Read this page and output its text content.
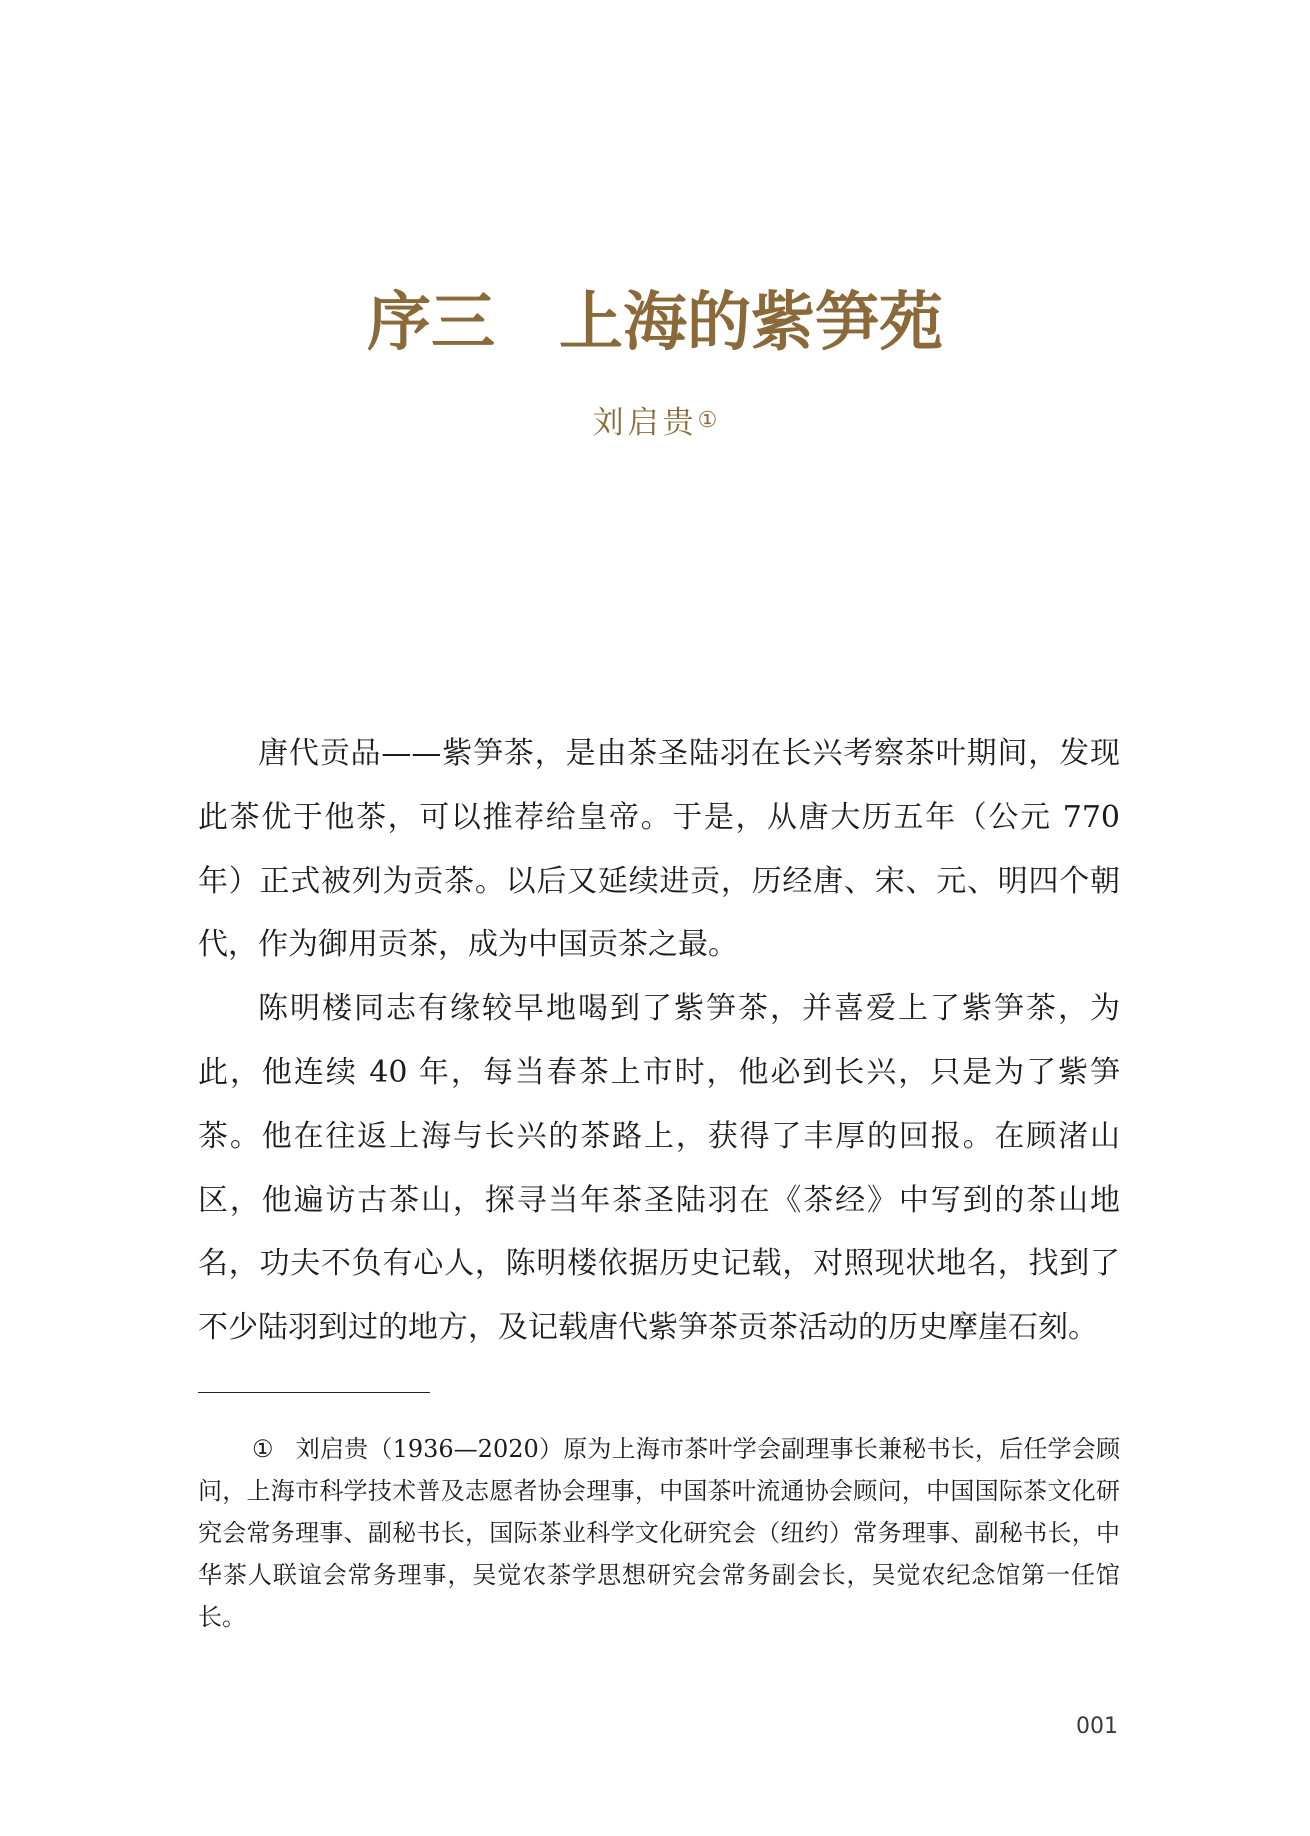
序三 上海的紫笋苑
刘启贵①

唐代贡品——紫笋茶，是由茶圣陆羽在长兴考察茶叶期间，发现此茶优于他茶，可以推荐给皇帝。于是，从唐大历五年（公元 770 年）正式被列为贡茶。以后又延续进贡，历经唐、宋、元、明四个朝代，作为御用贡茶，成为中国贡茶之最。

陈明楼同志有缘较早地喝到了紫笋茶，并喜爱上了紫笋茶，为此，他连续 40 年，每当春茶上市时，他必到长兴，只是为了紫笋茶。他在往返上海与长兴的茶路上，获得了丰厚的回报。在顾渚山区，他遍访古茶山，探寻当年茶圣陆羽在《茶经》中写到的茶山地名，功夫不负有心人，陈明楼依据历史记载，对照现状地名，找到了不少陆羽到过的地方，及记载唐代紫笋茶贡茶活动的历史摩崖石刻。

① 刘启贵（1936—2020）原为上海市茶叶学会副理事长兼秘书长，后任学会顾问，上海市科学技术普及志愿者协会理事，中国茶叶流通协会顾问，中国国际茶文化研究会常务理事、副秘书长，国际茶业科学文化研究会（纽约）常务理事、副秘书长，中华茶人联谊会常务理事，吴觉农茶学思想研究会常务副会长，吴觉农纪念馆第一任馆长。

001
